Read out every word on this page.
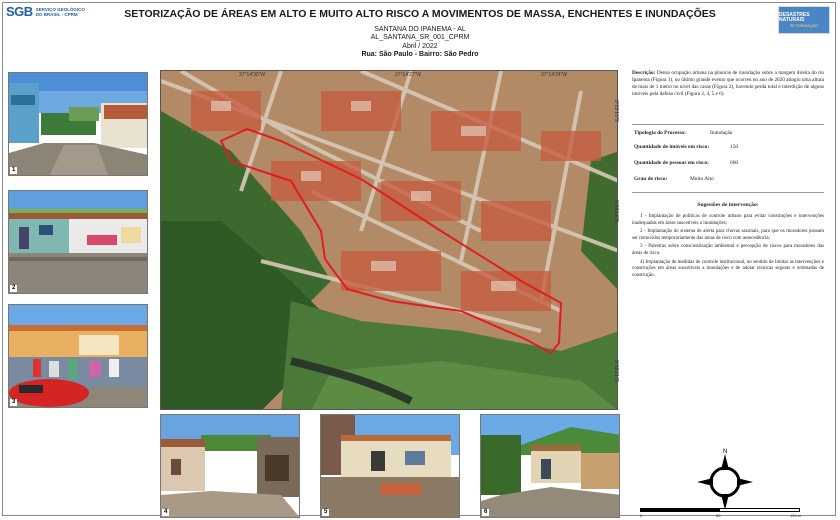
SGB SERVIÇO GEOLÓGICO
DO BRASIL - CPRM	SETORIZAÇÃO DE ÁREAS EM ALTO E MUITO ALTO RISCO A MOVIMENTOS DE MASSA, ENCHENTES E INUNDAÇÕES
SANTANA DO IPANEMA - AL
AL_SANTANA_SR_001_CPRM
Abril / 2022
Rua: São Paulo - Bairro: São Pedro
DESASTRES NATURAIS
SETORIZAÇÃO
1
2
3
37°14'30"W	37°14'27"W	37°14'24"W
9°22'15"S
9°22'18"S
9°22'21"S

Descrição: Densa ocupação urbana na planície de inundação sobre a margem direita do rio Ipanema (Figura 1), no último grande evento que ocorreu no ano de 2020 atingiu uma altura de mais de 1 metro no nível das casas (Figura 2), havendo perda total e interdição de alguns imóveis pela defesa civil (Figura 3, 4, 5 e 6).

Tipologia do Processo:	Inundação
Quantidade de imóveis em risco:	150
Quantidade de pessoas em risco:	600
Grau de risco:	Muito Alto
Sugestões de intervenção:

1 - Implantação de políticas de controle urbano para evitar construções e intervenções inadequadas em áreas suscetíveis a inundações;

2 - Implantação do sistema de alerta para chuvas sazonais, para que os moradores possam ser removidos temporariamente das áreas de risco com antecedência;

3 - Palestras sobre conscientização ambiental e percepção de riscos para moradores das áreas de risco.

4) Implantação de medidas de controle institucional, no sentido de limitar as intervenções e construções em áreas suscetíveis a inundações e de adotar técnicas seguras e ordenadas de construção.

4	5	6
N
0	60	120 m
